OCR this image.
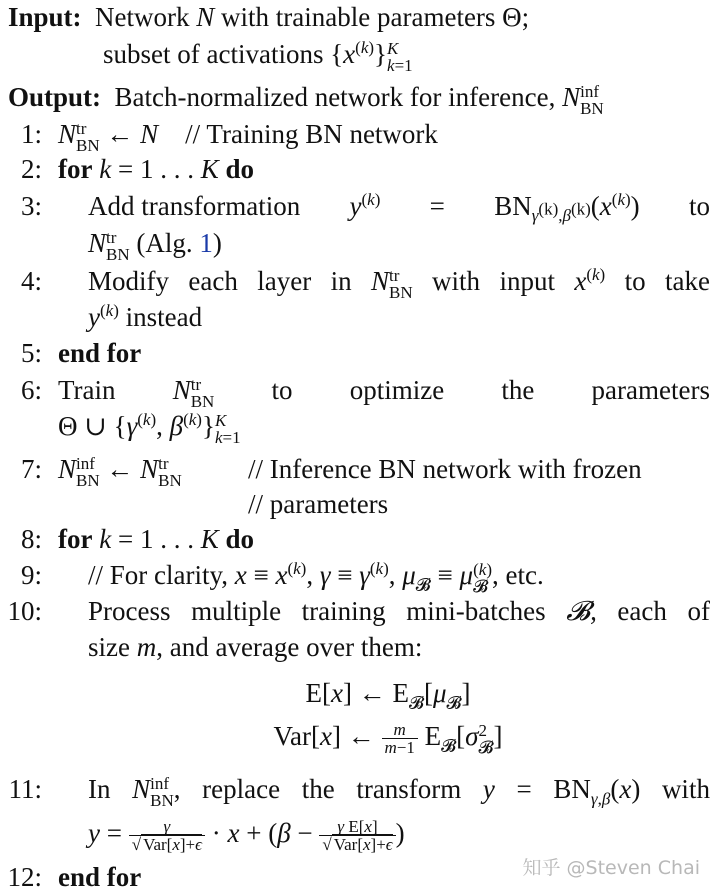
Input:  Network N with trainable parameters Θ;
subset of activations $\{x^{(k)}\}$ K
k=1
Output:  Batch-normalized network for inference, N inf
BN
1: N tr
BN ← N // Training BN network
2: for k = 1 . . . K do
3: Add transformation $y^{(k)} = BN_{\gamma^{(k)},\beta^{(k)}}(x^{(k)})$ to
N tr
BN (Alg. 1)
4: Modify each layer in N tr
BN with input $x^{(k)}$ to take
$y^{(k)}$ instead
5: end for
6: Train N tr
BN to optimize the parameters
Θ ∪ {$\gamma^{(k)}$, $\beta^{(k)}$} K
k=1
7: N inf
BN ← N tr
BN // Inference BN network with frozen
// parameters
8: for k = 1 . . . K do
9: // For clarity, $x \equiv x^{(k)}$, $\gamma \equiv \gamma^{(k)}$, $\mu_𝓑 \equiv \mu$ (k)
𝓑 , etc.
10: Process multiple training mini-batches 𝓑, each of
size m, and average over them:
E[x] ← $E_𝓑[\mu_𝓑]$
Var[x] ← $\frac{m}{m-1} E_𝓑[\sigma$ 2
𝓑 ]
11: In N inf
BN , replace the transform $y = BN_{\gamma,\beta}(x)$ with
$y = \frac{\gamma}{\text{√ Var[x]+ϵ}} \cdot x + (\beta - \frac{\text{γ E[x]}}{\text{√ Var[x]+ϵ}}$ )
12: end for	知乎 @Steven Chai
